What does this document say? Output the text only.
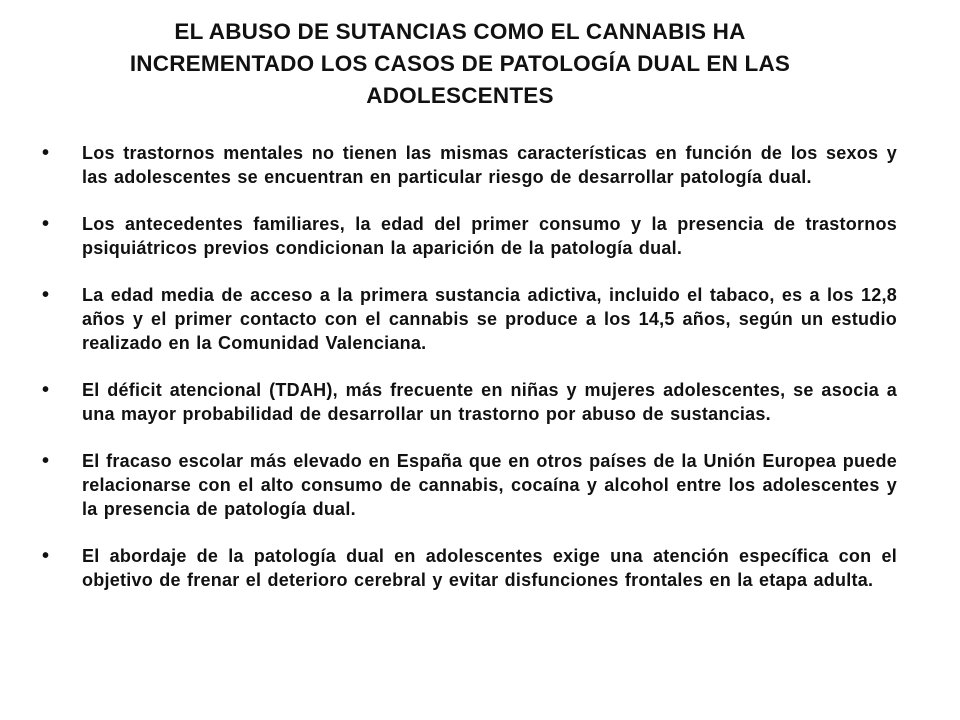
EL ABUSO DE SUTANCIAS COMO EL CANNABIS HA
INCREMENTADO LOS CASOS DE PATOLOGÍA DUAL EN LAS
ADOLESCENTES
•	Los trastornos mentales no tienen las mismas características en función de los sexos y las adolescentes se encuentran en particular riesgo de desarrollar patología dual.
•	Los antecedentes familiares, la edad del primer consumo y la presencia de trastornos psiquiátricos previos condicionan la aparición de la patología dual.
•	La edad media de acceso a la primera sustancia adictiva, incluido el tabaco, es a los 12,8 años y el primer contacto con el cannabis se produce a los 14,5 años, según un estudio realizado en la Comunidad Valenciana.
•	El déficit atencional (TDAH), más frecuente en niñas y mujeres adolescentes, se asocia a una mayor probabilidad de desarrollar un trastorno por abuso de sustancias.
•	El fracaso escolar más elevado en España que en otros países de la Unión Europea puede relacionarse con el alto consumo de cannabis, cocaína y alcohol entre los adolescentes y la presencia de patología dual.
•	El abordaje de la patología dual en adolescentes exige una atención específica con el objetivo de frenar el deterioro cerebral y evitar disfunciones frontales en la etapa adulta.
